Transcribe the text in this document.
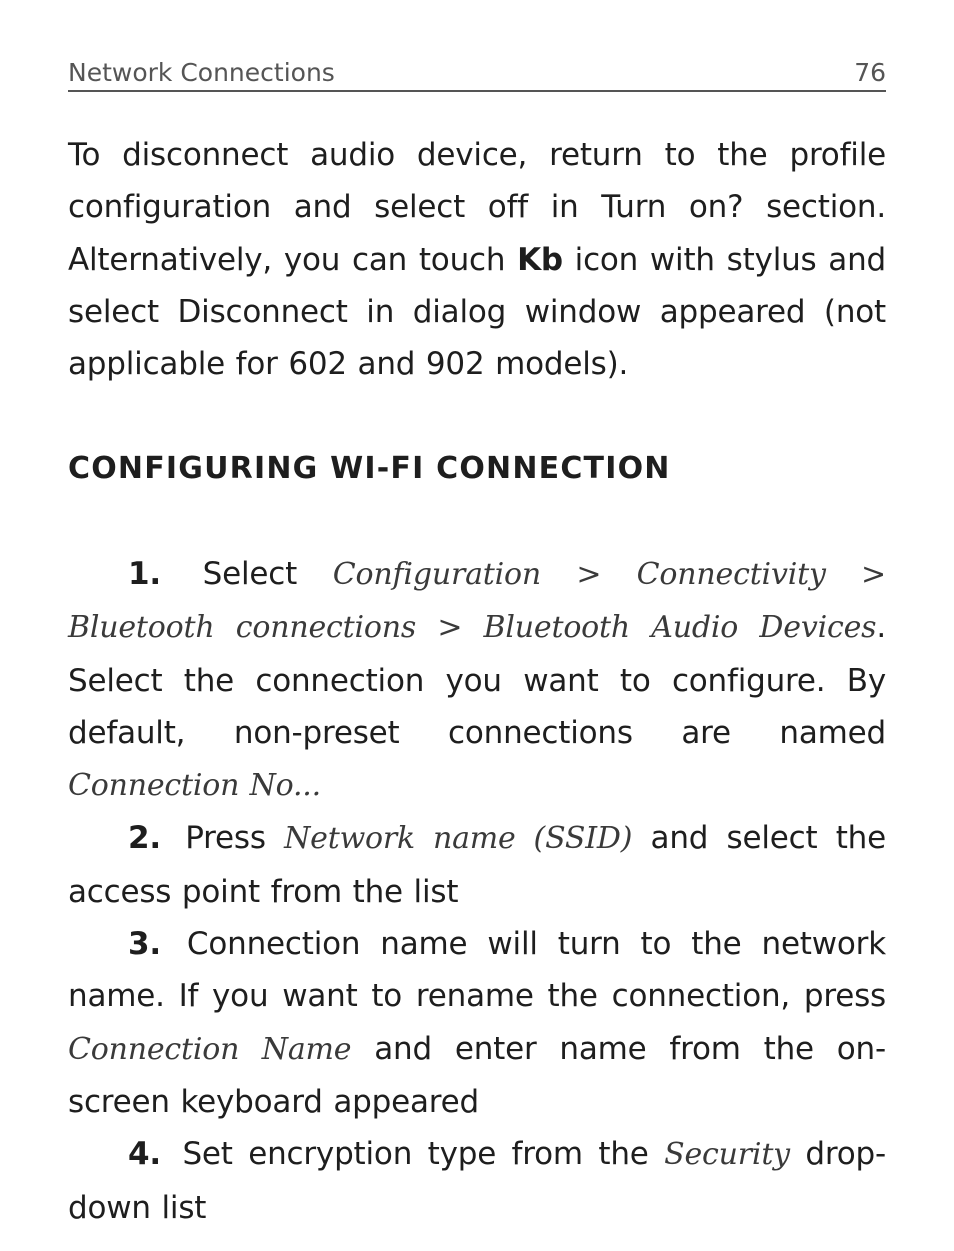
Network Connections	76
To disconnect audio device, return to the profile configuration and select off in Turn on? section. Alternatively, you can touch Kb icon with stylus and select Disconnect in dialog window appeared (not applicable for 602 and 902 models).
CONFIGURING WI-FI CONNECTION

1. Select Configuration > Connectivity > Bluetooth connections > Bluetooth Audio Devices. Select the connection you want to configure. By default, non-preset connections are named Connection No...

2. Press Network name (SSID) and select the access point from the list

3. Connection name will turn to the network name. If you want to rename the connection, press Connection Name and enter name from the on-screen keyboard appeared

4. Set encryption type from the Security drop-down list
